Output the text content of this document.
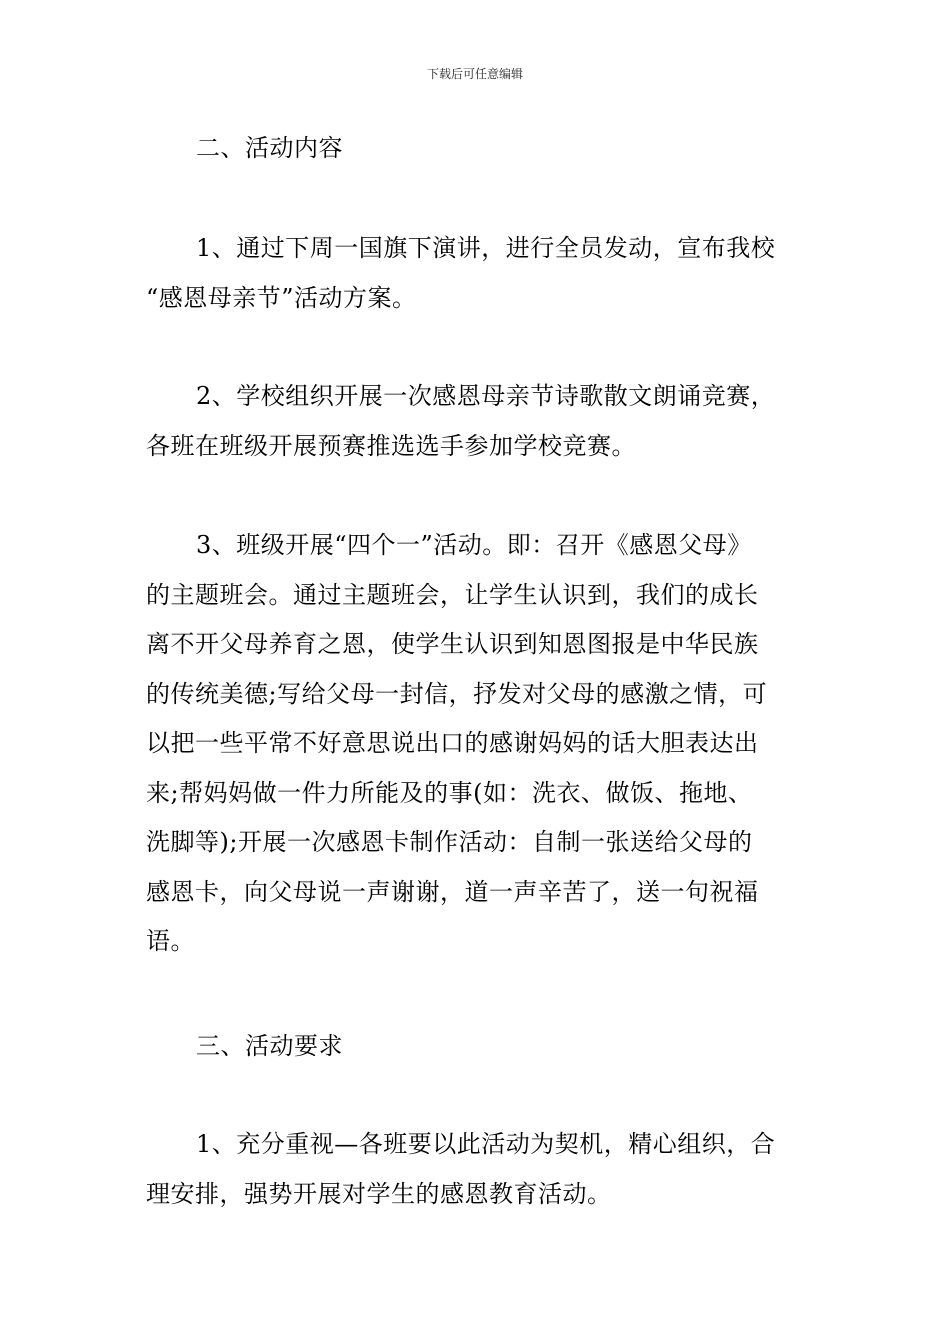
下载后可任意编辑
二、活动内容
1、通过下周一国旗下演讲，进行全员发动，宣布我校
“感恩母亲节”活动方案。
2、学校组织开展一次感恩母亲节诗歌散文朗诵竞赛，
各班在班级开展预赛推选选手参加学校竞赛。
3、班级开展“四个一”活动。即：召开《感恩父母》
的主题班会。通过主题班会，让学生认识到，我们的成长
离不开父母养育之恩，使学生认识到知恩图报是中华民族
的传统美德;写给父母一封信，抒发对父母的感激之情，可
以把一些平常不好意思说出口的感谢妈妈的话大胆表达出
来;帮妈妈做一件力所能及的事(如：洗衣、做饭、拖地、
洗脚等);开展一次感恩卡制作活动：自制一张送给父母的
感恩卡，向父母说一声谢谢，道一声辛苦了，送一句祝福
语。
三、活动要求
1、充分重视—各班要以此活动为契机，精心组织，合
理安排，强势开展对学生的感恩教育活动。
